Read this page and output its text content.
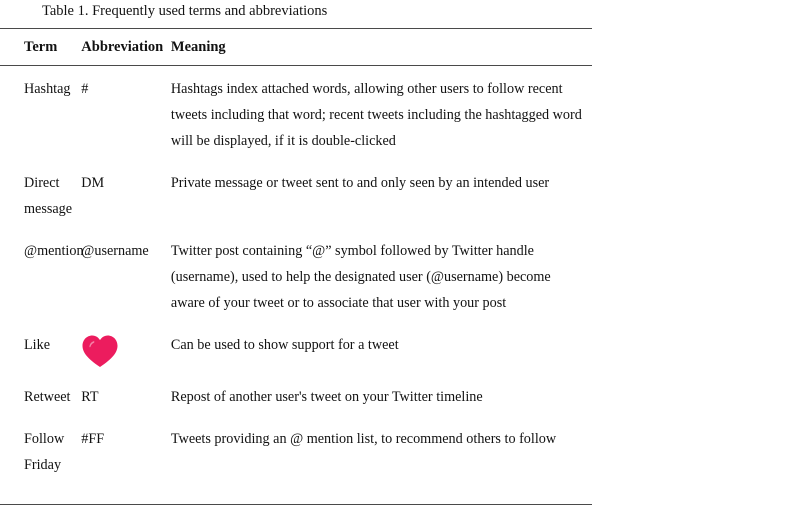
Table 1. Frequently used terms and abbreviations
Term	Abbreviation	Meaning
Hashtag	#	Hashtags index attached words, allowing other users to follow recent tweets including that word; recent tweets including the hashtagged word will be displayed, if it is double-clicked
Direct message	DM	Private message or tweet sent to and only seen by an intended user
@mention	@username	Twitter post containing “@” symbol followed by Twitter handle (username), used to help the designated user (@username) become aware of your tweet or to associate that user with your post
Like		Can be used to show support for a tweet
Retweet	RT	Repost of another user's tweet on your Twitter timeline
Follow Friday	#FF	Tweets providing an @ mention list, to recommend others to follow
